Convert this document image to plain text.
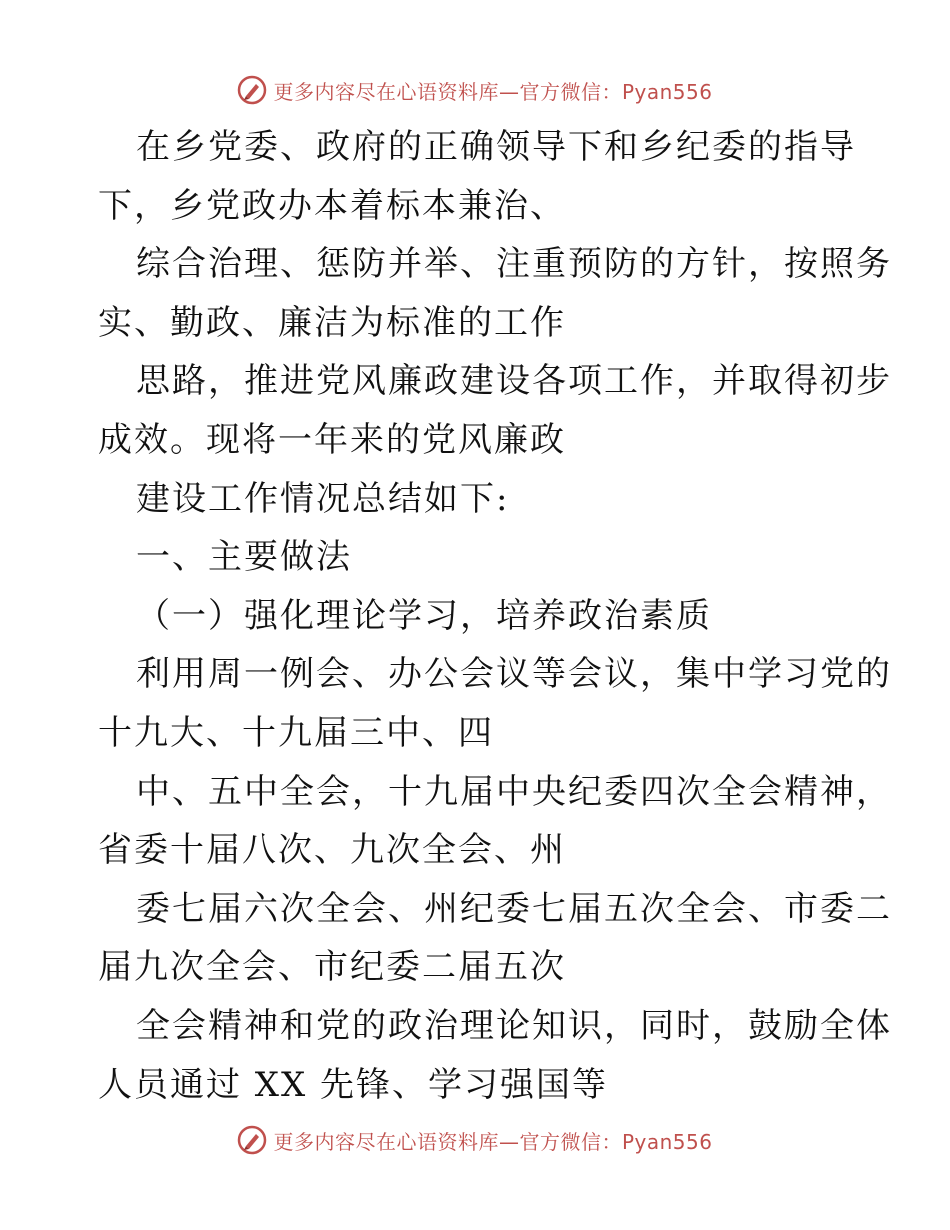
更多内容尽在心语资料库—官方微信：Pyan556
在乡党委、政府的正确领导下和乡纪委的指导
下，乡党政办本着标本兼治、
综合治理、惩防并举、注重预防的方针，按照务
实、勤政、廉洁为标准的工作
思路，推进党风廉政建设各项工作，并取得初步
成效。现将一年来的党风廉政
建设工作情况总结如下:
一、主要做法
（一）强化理论学习，培养政治素质
利用周一例会、办公会议等会议，集中学习党的
十九大、十九届三中、四
中、五中全会，十九届中央纪委四次全会精神，
省委十届八次、九次全会、州
委七届六次全会、州纪委七届五次全会、市委二
届九次全会、市纪委二届五次
全会精神和党的政治理论知识，同时，鼓励全体
人员通过 XX 先锋、学习强国等
更多内容尽在心语资料库—官方微信：Pyan556
